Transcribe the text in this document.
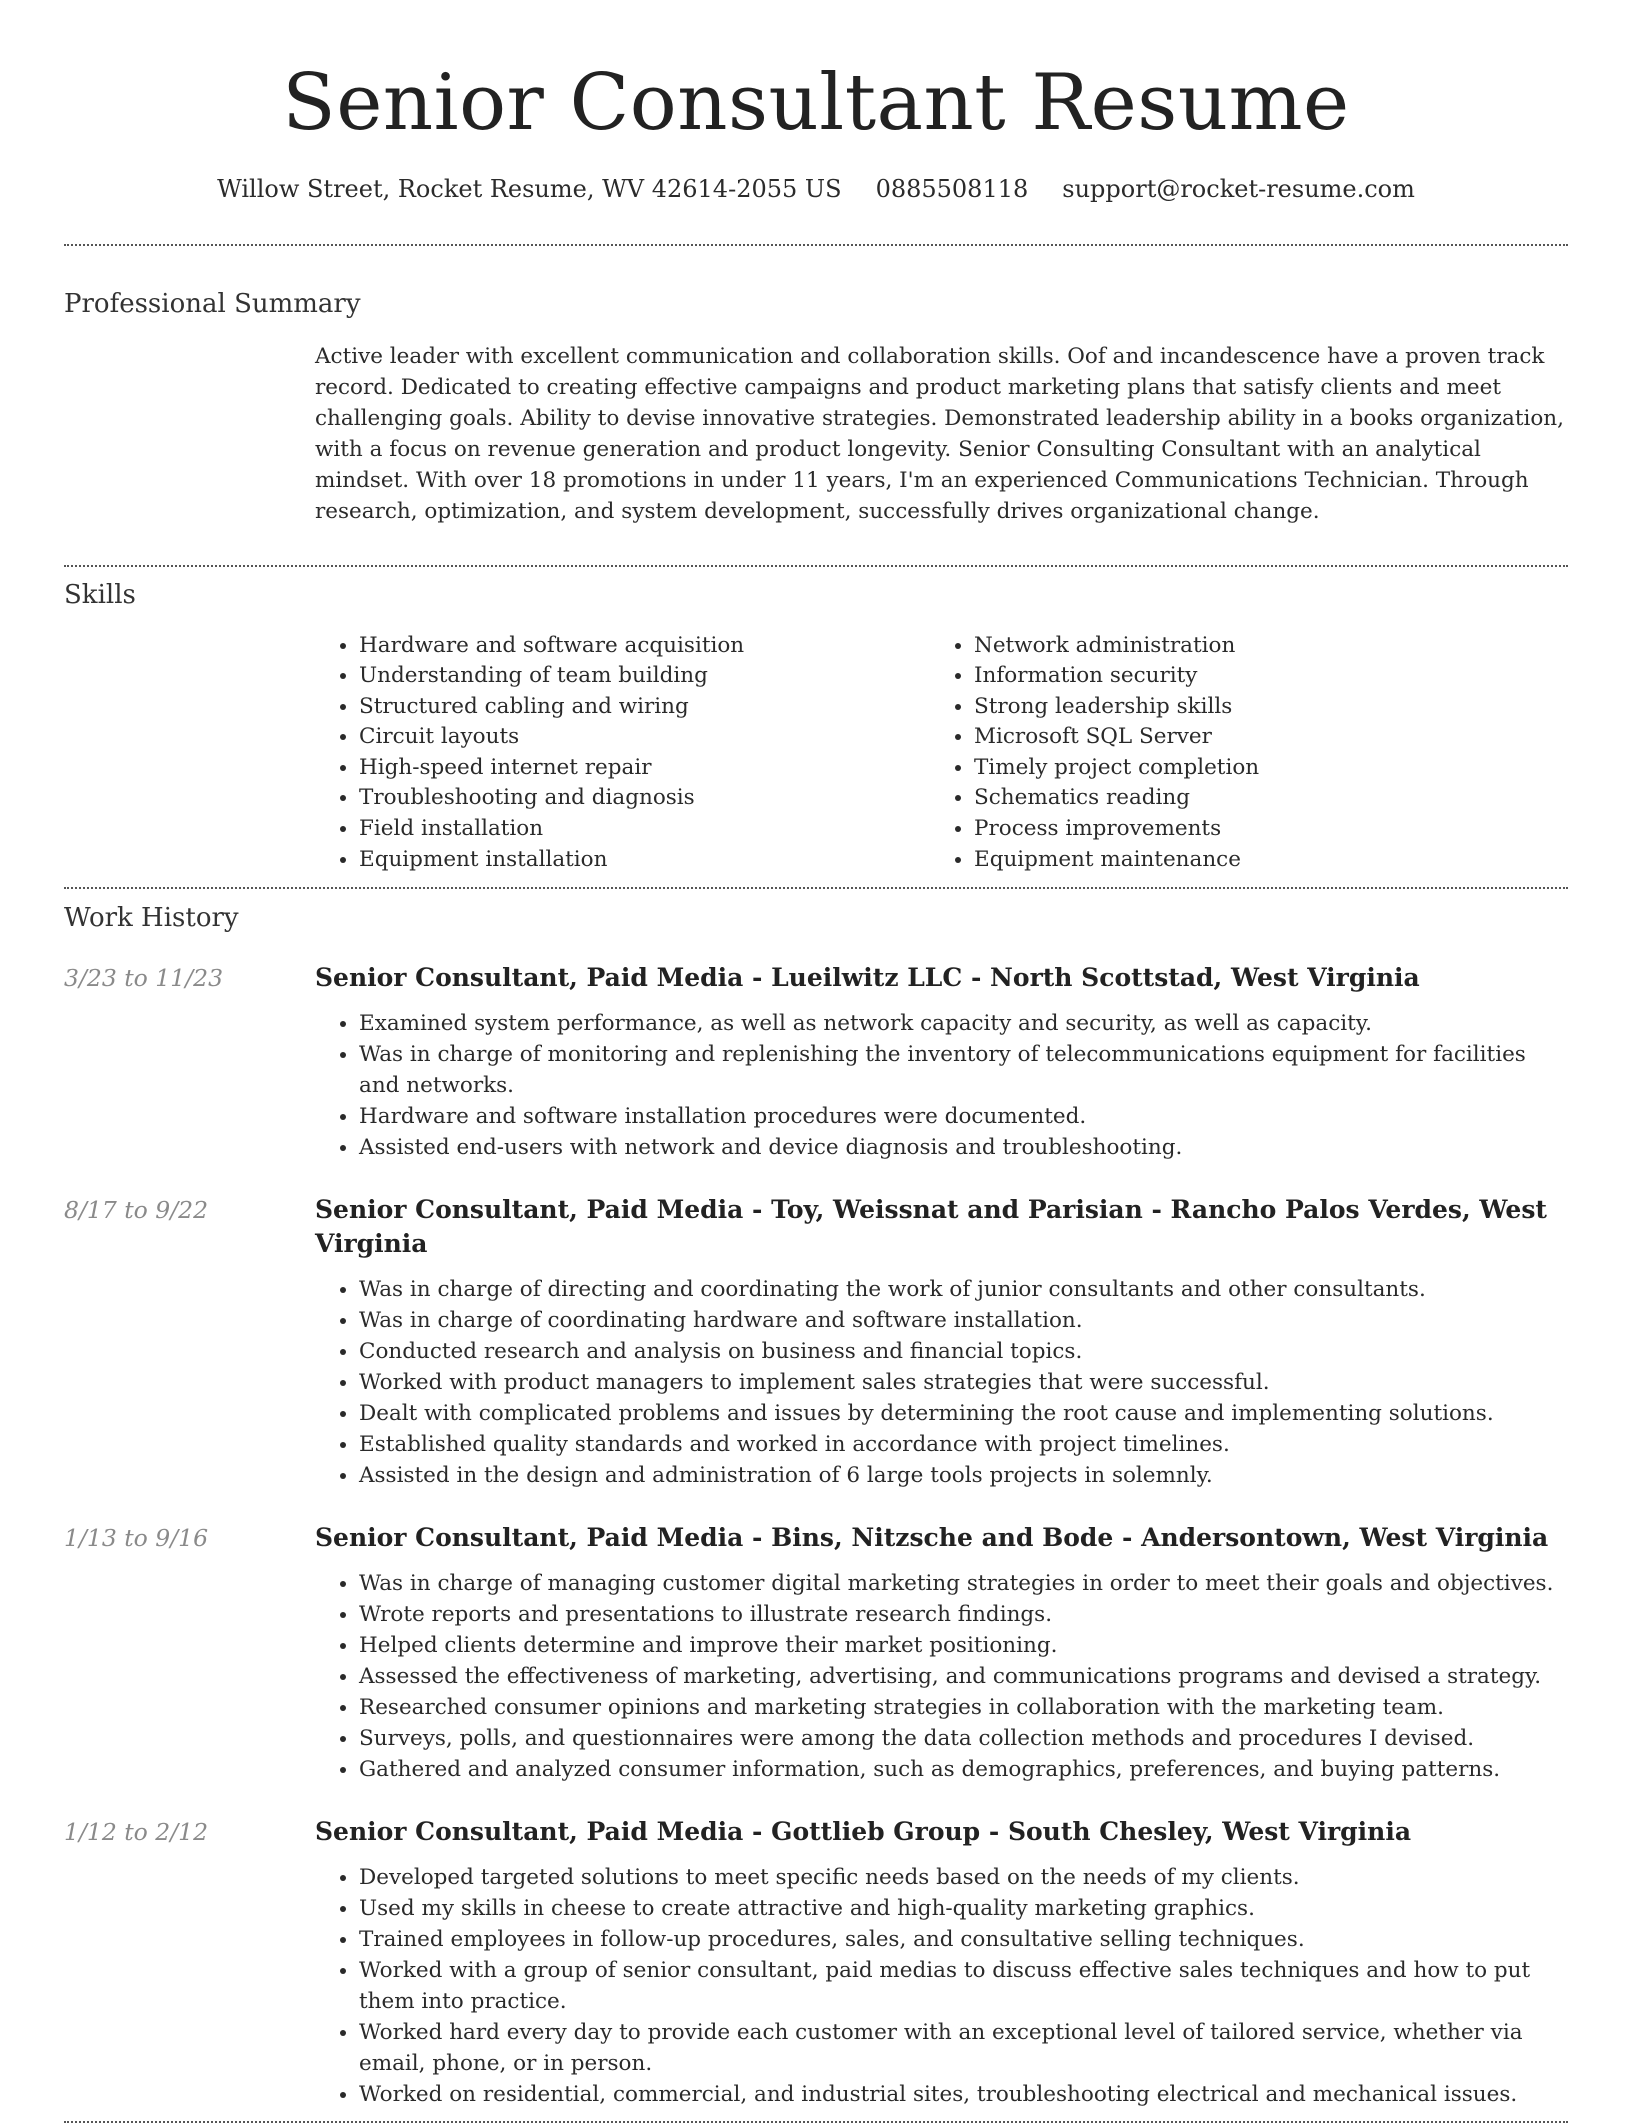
Senior Consultant Resume
Willow Street, Rocket Resume, WV 42614-2055 US 0885508118 support@rocket-resume.com
Professional Summary

Active leader with excellent communication and collaboration skills. Oof and incandescence have a proven track record. Dedicated to creating effective campaigns and product marketing plans that satisfy clients and meet challenging goals. Ability to devise innovative strategies. Demonstrated leadership ability in a books organization, with a focus on revenue generation and product longevity. Senior Consulting Consultant with an analytical mindset. With over 18 promotions in under 11 years, I'm an experienced Communications Technician. Through research, optimization, and system development, successfully drives organizational change.

Skills
• Hardware and software acquisition
• Understanding of team building
• Structured cabling and wiring
• Circuit layouts
• High-speed internet repair
• Troubleshooting and diagnosis
• Field installation
• Equipment installation
• Network administration
• Information security
• Strong leadership skills
• Microsoft SQL Server
• Timely project completion
• Schematics reading
• Process improvements
• Equipment maintenance
Work History
3/23 to 11/23	Senior Consultant, Paid Media - Lueilwitz LLC - North Scottstad, West Virginia
• Examined system performance, as well as network capacity and security, as well as capacity.
• Was in charge of monitoring and replenishing the inventory of telecommunications equipment for facilities and networks.
• Hardware and software installation procedures were documented.
• Assisted end-users with network and device diagnosis and troubleshooting.
8/17 to 9/22	Senior Consultant, Paid Media - Toy, Weissnat and Parisian - Rancho Palos Verdes, West Virginia
• Was in charge of directing and coordinating the work of junior consultants and other consultants.
• Was in charge of coordinating hardware and software installation.
• Conducted research and analysis on business and financial topics.
• Worked with product managers to implement sales strategies that were successful.
• Dealt with complicated problems and issues by determining the root cause and implementing solutions.
• Established quality standards and worked in accordance with project timelines.
• Assisted in the design and administration of 6 large tools projects in solemnly.
1/13 to 9/16	Senior Consultant, Paid Media - Bins, Nitzsche and Bode - Andersontown, West Virginia
• Was in charge of managing customer digital marketing strategies in order to meet their goals and objectives.
• Wrote reports and presentations to illustrate research findings.
• Helped clients determine and improve their market positioning.
• Assessed the effectiveness of marketing, advertising, and communications programs and devised a strategy.
• Researched consumer opinions and marketing strategies in collaboration with the marketing team.
• Surveys, polls, and questionnaires were among the data collection methods and procedures I devised.
• Gathered and analyzed consumer information, such as demographics, preferences, and buying patterns.
1/12 to 2/12	Senior Consultant, Paid Media - Gottlieb Group - South Chesley, West Virginia
• Developed targeted solutions to meet specific needs based on the needs of my clients.
• Used my skills in cheese to create attractive and high-quality marketing graphics.
• Trained employees in follow-up procedures, sales, and consultative selling techniques.
• Worked with a group of senior consultant, paid medias to discuss effective sales techniques and how to put them into practice.
• Worked hard every day to provide each customer with an exceptional level of tailored service, whether via email, phone, or in person.
• Worked on residential, commercial, and industrial sites, troubleshooting electrical and mechanical issues.
